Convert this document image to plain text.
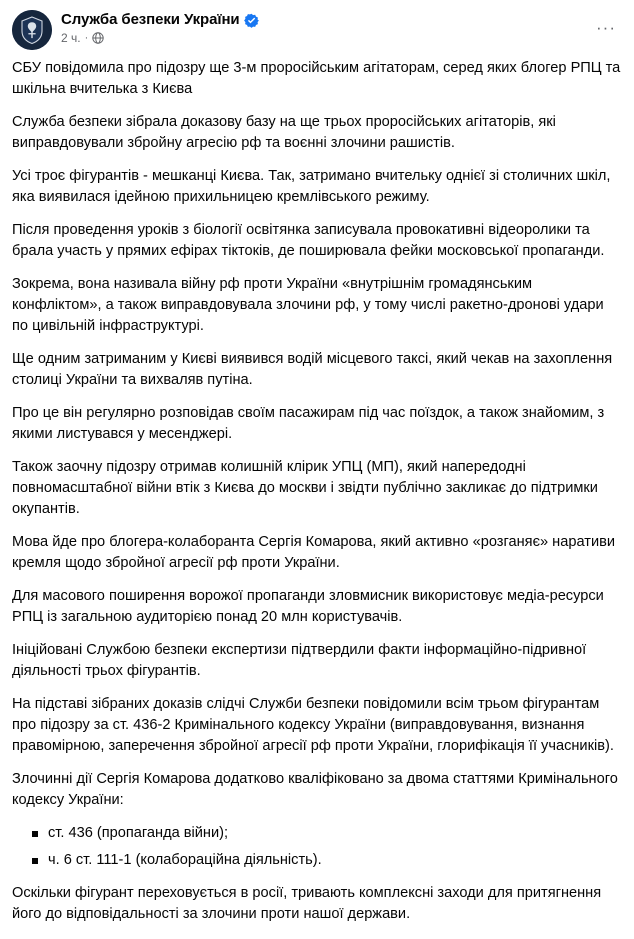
Служба безпеки України
2 ч. ·
···

СБУ повідомила про підозру ще 3-м проросійським агітаторам, серед яких блогер РПЦ та шкільна вчителька з Києва

Служба безпеки зібрала доказову базу на ще трьох проросійських агітаторів, які виправдовували збройну агресію рф та воєнні злочини рашистів.

Усі троє фігурантів - мешканці Києва. Так, затримано вчительку однієї зі столичних шкіл, яка виявилася ідейною прихильницею кремлівського режиму.

Після проведення уроків з біології освітянка записувала провокативні відеоролики та брала участь у прямих ефірах тіктоків, де поширювала фейки московської пропаганди.

Зокрема, вона називала війну рф проти України «внутрішнім громадянським конфліктом», а також виправдовувала злочини рф, у тому числі ракетно-дронові удари по цивільній інфраструктурі.

Ще одним затриманим у Києві виявився водій місцевого таксі, який чекав на захоплення столиці України та вихваляв путіна.

Про це він регулярно розповідав своїм пасажирам під час поїздок, а також знайомим, з якими листувався у месенджері.

Також заочну підозру отримав колишній клірик УПЦ (МП), який напередодні повномасштабної війни втік з Києва до москви і звідти публічно закликає до підтримки окупантів.

Мова йде про блогера-колаборанта Сергія Комарова, який активно «розганяє» наративи кремля щодо збройної агресії рф проти України.

Для масового поширення ворожої пропаганди зловмисник використовує медіа-ресурси РПЦ із загальною аудиторією понад 20 млн користувачів.

Ініційовані Службою безпеки експертизи підтвердили факти інформаційно-підривної діяльності трьох фігурантів.

На підставі зібраних доказів слідчі Служби безпеки повідомили всім трьом фігурантам про підозру за ст. 436-2 Кримінального кодексу України (виправдовування, визнання правомірною, заперечення збройної агресії рф проти України, глорифікація її учасників).

Злочинні дії Сергія Комарова додатково кваліфіковано за двома статтями Кримінального кодексу України:

ст. 436 (пропаганда війни);
ч. 6 ст. 111-1 (колабораційна діяльність).

Оскільки фігурант переховується в росії, тривають комплексні заходи для притягнення його до відповідальності за злочини проти нашої держави.
